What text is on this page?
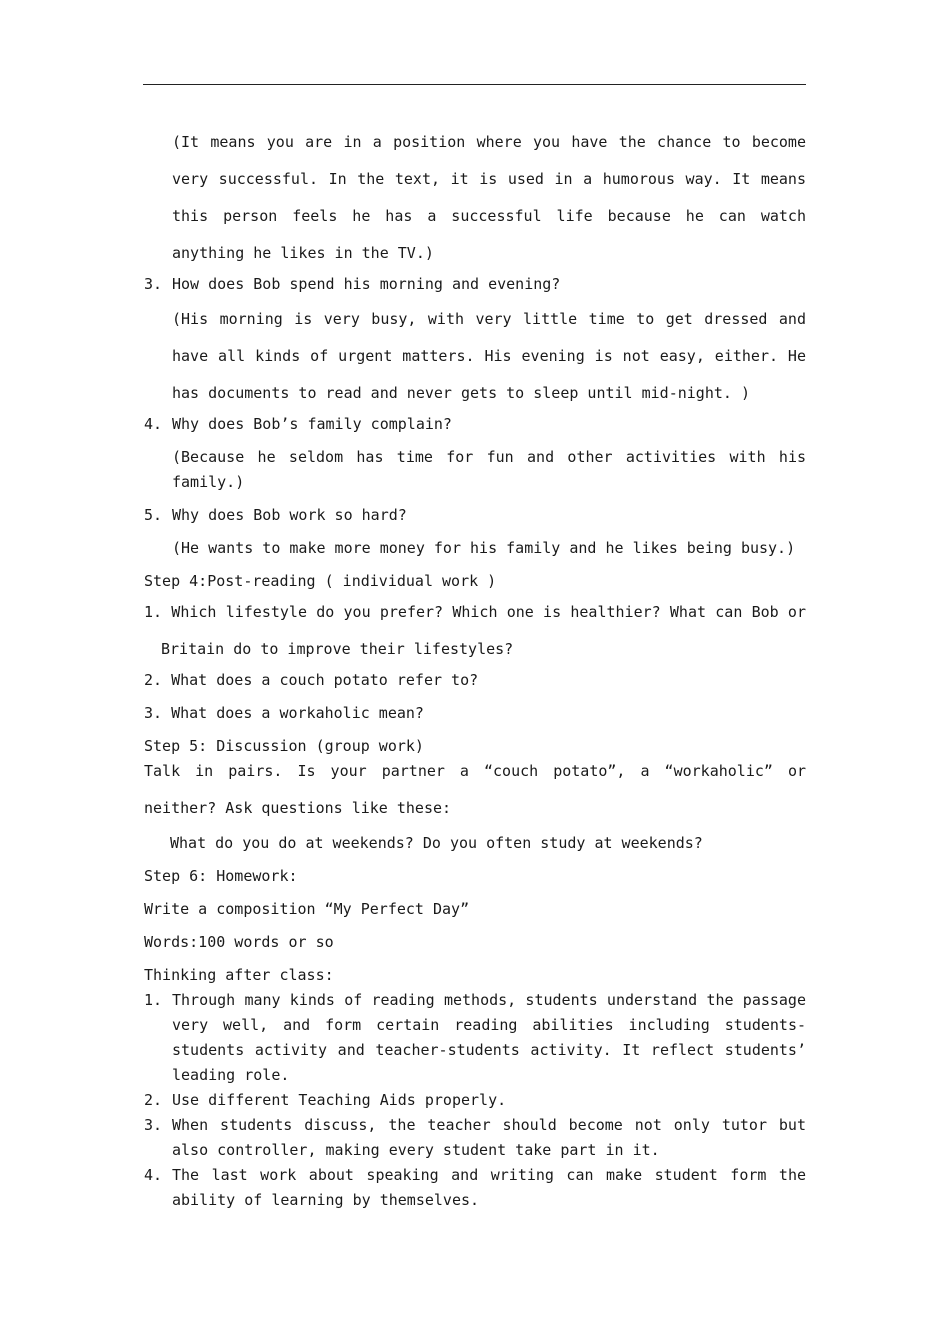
(It means you are in a position where you have the chance to become very successful. In the text, it is used in a humorous way. It means this person feels he has a successful life because he can watch anything he likes in the TV.)

3. How does Bob spend his morning and evening?

(His morning is very busy, with very little time to get dressed and have all kinds of urgent matters. His evening is not easy, either. He has documents to read and never gets to sleep until mid-night. )

4. Why does Bob’s family complain?

(Because he seldom has time for fun and other activities with his family.)

5. Why does Bob work so hard?

(He wants to make more money for his family and he likes being busy.)

Step 4:Post-reading ( individual work )

1. Which lifestyle do you prefer? Which one is healthier? What can Bob or Britain do to improve their lifestyles?

2. What does a couch potato refer to?

3. What does a workaholic mean?

Step 5: Discussion (group work)

Talk in pairs. Is your partner a “couch potato”, a “workaholic” or neither? Ask questions like these:

What do you do at weekends? Do you often study at weekends?

Step 6: Homework:

Write a composition “My Perfect Day”

Words:100 words or so

Thinking after class:

1. Through many kinds of reading methods, students understand the passage very well, and form certain reading abilities including students-students activity and teacher-students activity. It reflect students’ leading role.
2. Use different Teaching Aids properly.
3. When students discuss, the teacher should become not only tutor but also controller, making every student take part in it.
4. The last work about speaking and writing can make student form the ability of learning by themselves.
